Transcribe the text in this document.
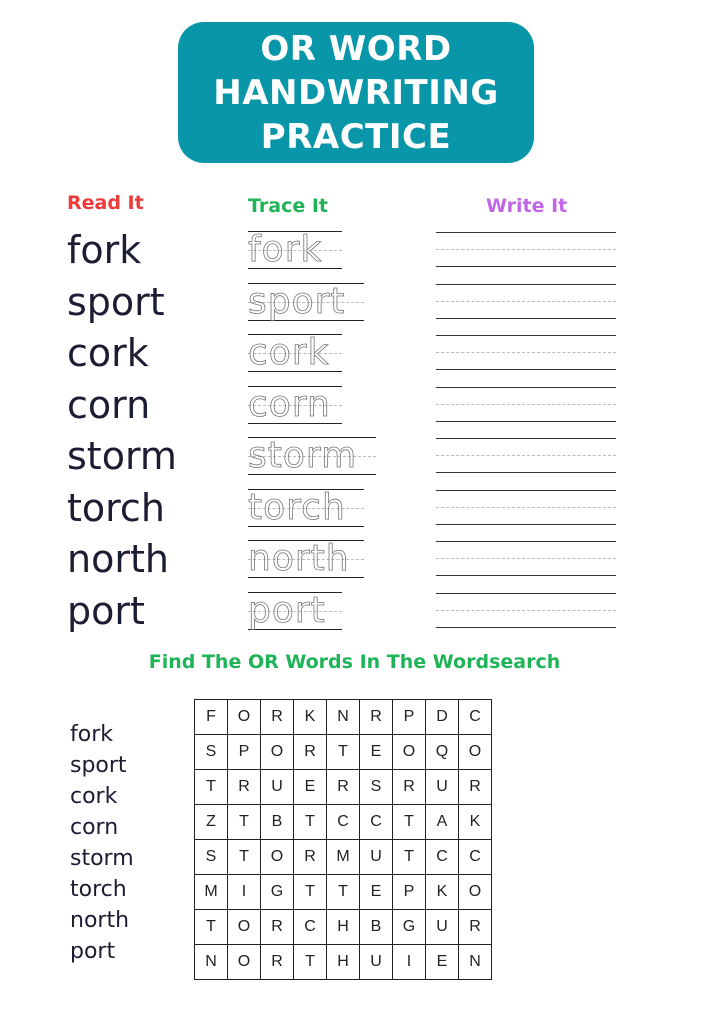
OR WORD
HANDWRITING
PRACTICE
Read It	Trace It	Write It
fork	fork
sport sport
cork	cork
corn	corn
storm storm
torch torch
north north
port	port
Find The OR Words In The Wordsearch
fork
sport
cork
corn
storm
torch
north
port
F	O	R	K	N	R	P	D	C
S	P	O	R	T	E	O	Q	O
T	R	U	E	R	S	R	U	R
Z	T	B	T	C	C	T	A	K
S	T	O	R	M	U	T	C	C
M	I	G	T	T	E	P	K	O
T	O	R	C	H	B	G	U	R
N	O	R	T	H	U	I	E	N
